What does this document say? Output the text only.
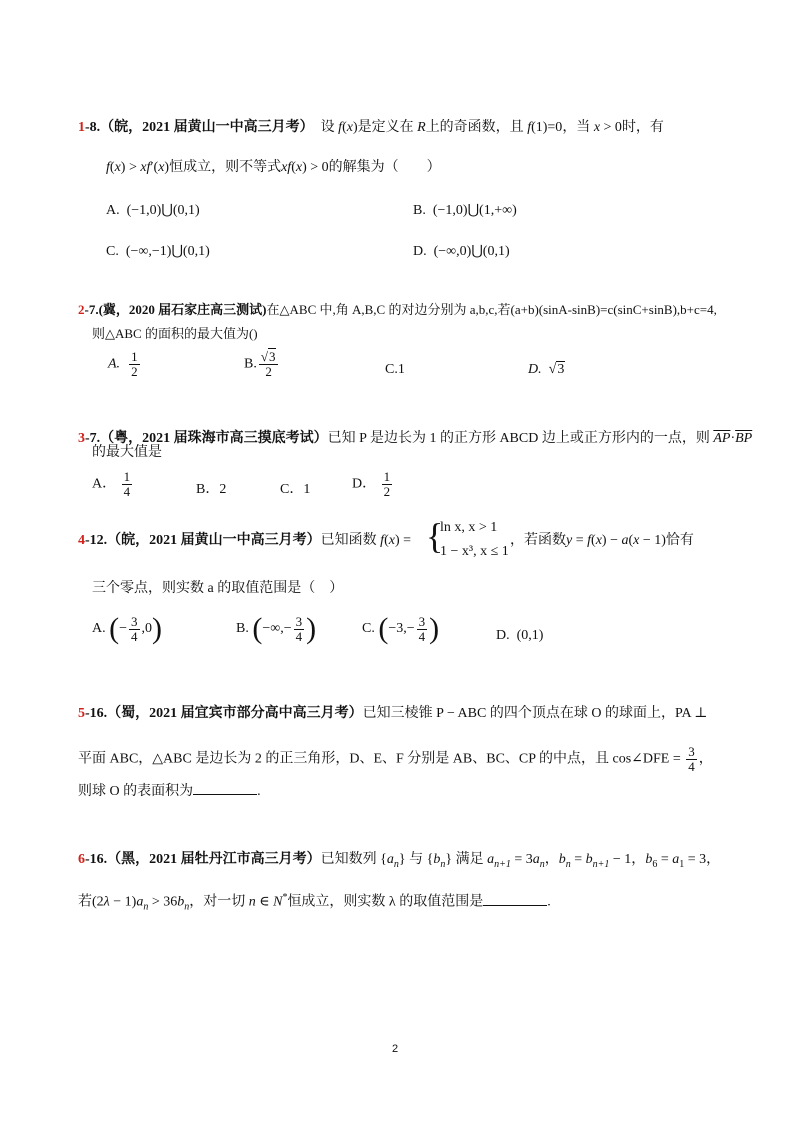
1-8.（皖，2021 届黄山一中高三月考） 设 f(x)是定义在 R上的奇函数，且 f(1)=0，当 x > 0时，有
f(x) > xf′(x)恒成立，则不等式xf(x) > 0的解集为（　　）
A. (−1,0)⋃(0,1)	B. (−1,0)⋃(1,+∞)
C. (−∞,−1)⋃(0,1)	D. (−∞,0)⋃(0,1)
2-7.(冀，2020 届石家庄高三测试)在△ABC 中,角 A,B,C 的对边分别为 a,b,c,若(a+b)(sinA-sinB)=c(sinC+sinB),b+c=4,
则△ABC 的面积的最大值为()
A. $\frac{1}{2}$	B. $\frac{√3}{2}$	C.1	D.  √3
3-7.（粤，2021 届珠海市高三摸底考试）已知 P 是边长为 1 的正方形 ABCD 边上或正方形内的一点，则 $\overline{AP}\cdot\overline{BP}$
的最大值是
A． $\frac{1}{4}$	B．2	C．1	D． $\frac{1}{2}$
4-12.（皖，2021 届黄山一中高三月考）已知函数 f(x) = {
ln x, x > 1
1 − x³, x ≤ 1
，若函数y = f(x) − a(x − 1)恰有
三个零点，则实数 a 的取值范围是（　）
A. (− $\frac{3}{4} ,0$)	B. (−∞,− $\frac{3}{4}$ )	C. ($-3,- \frac{3}{4}$ )	D. (0,1)
5-16.（蜀，2021 届宜宾市部分高中高三月考）已知三棱锥 P − ABC 的四个顶点在球 O 的球面上，PA ⊥
平面 ABC，△ABC 是边长为 2 的正三角形，D、E、F 分别是 AB、BC、CP 的中点，且 cos∠DFE = $\frac{3}{4}$ ，
则球 O 的表面积为	.
6-16.（黑，2021 届牡丹江市高三月考）已知数列 $\{a_n\}$ 与 $\{b_n\}$ 满足 $a_{n+1} = 3a_n$，$b_n = b_{n+1} - 1$，$b_6 = a_1 = 3$，
若$(2\lambda - 1)a_n > 36b_n$，对一切 n ∈ N*恒成立，则实数 λ 的取值范围是	.
2
